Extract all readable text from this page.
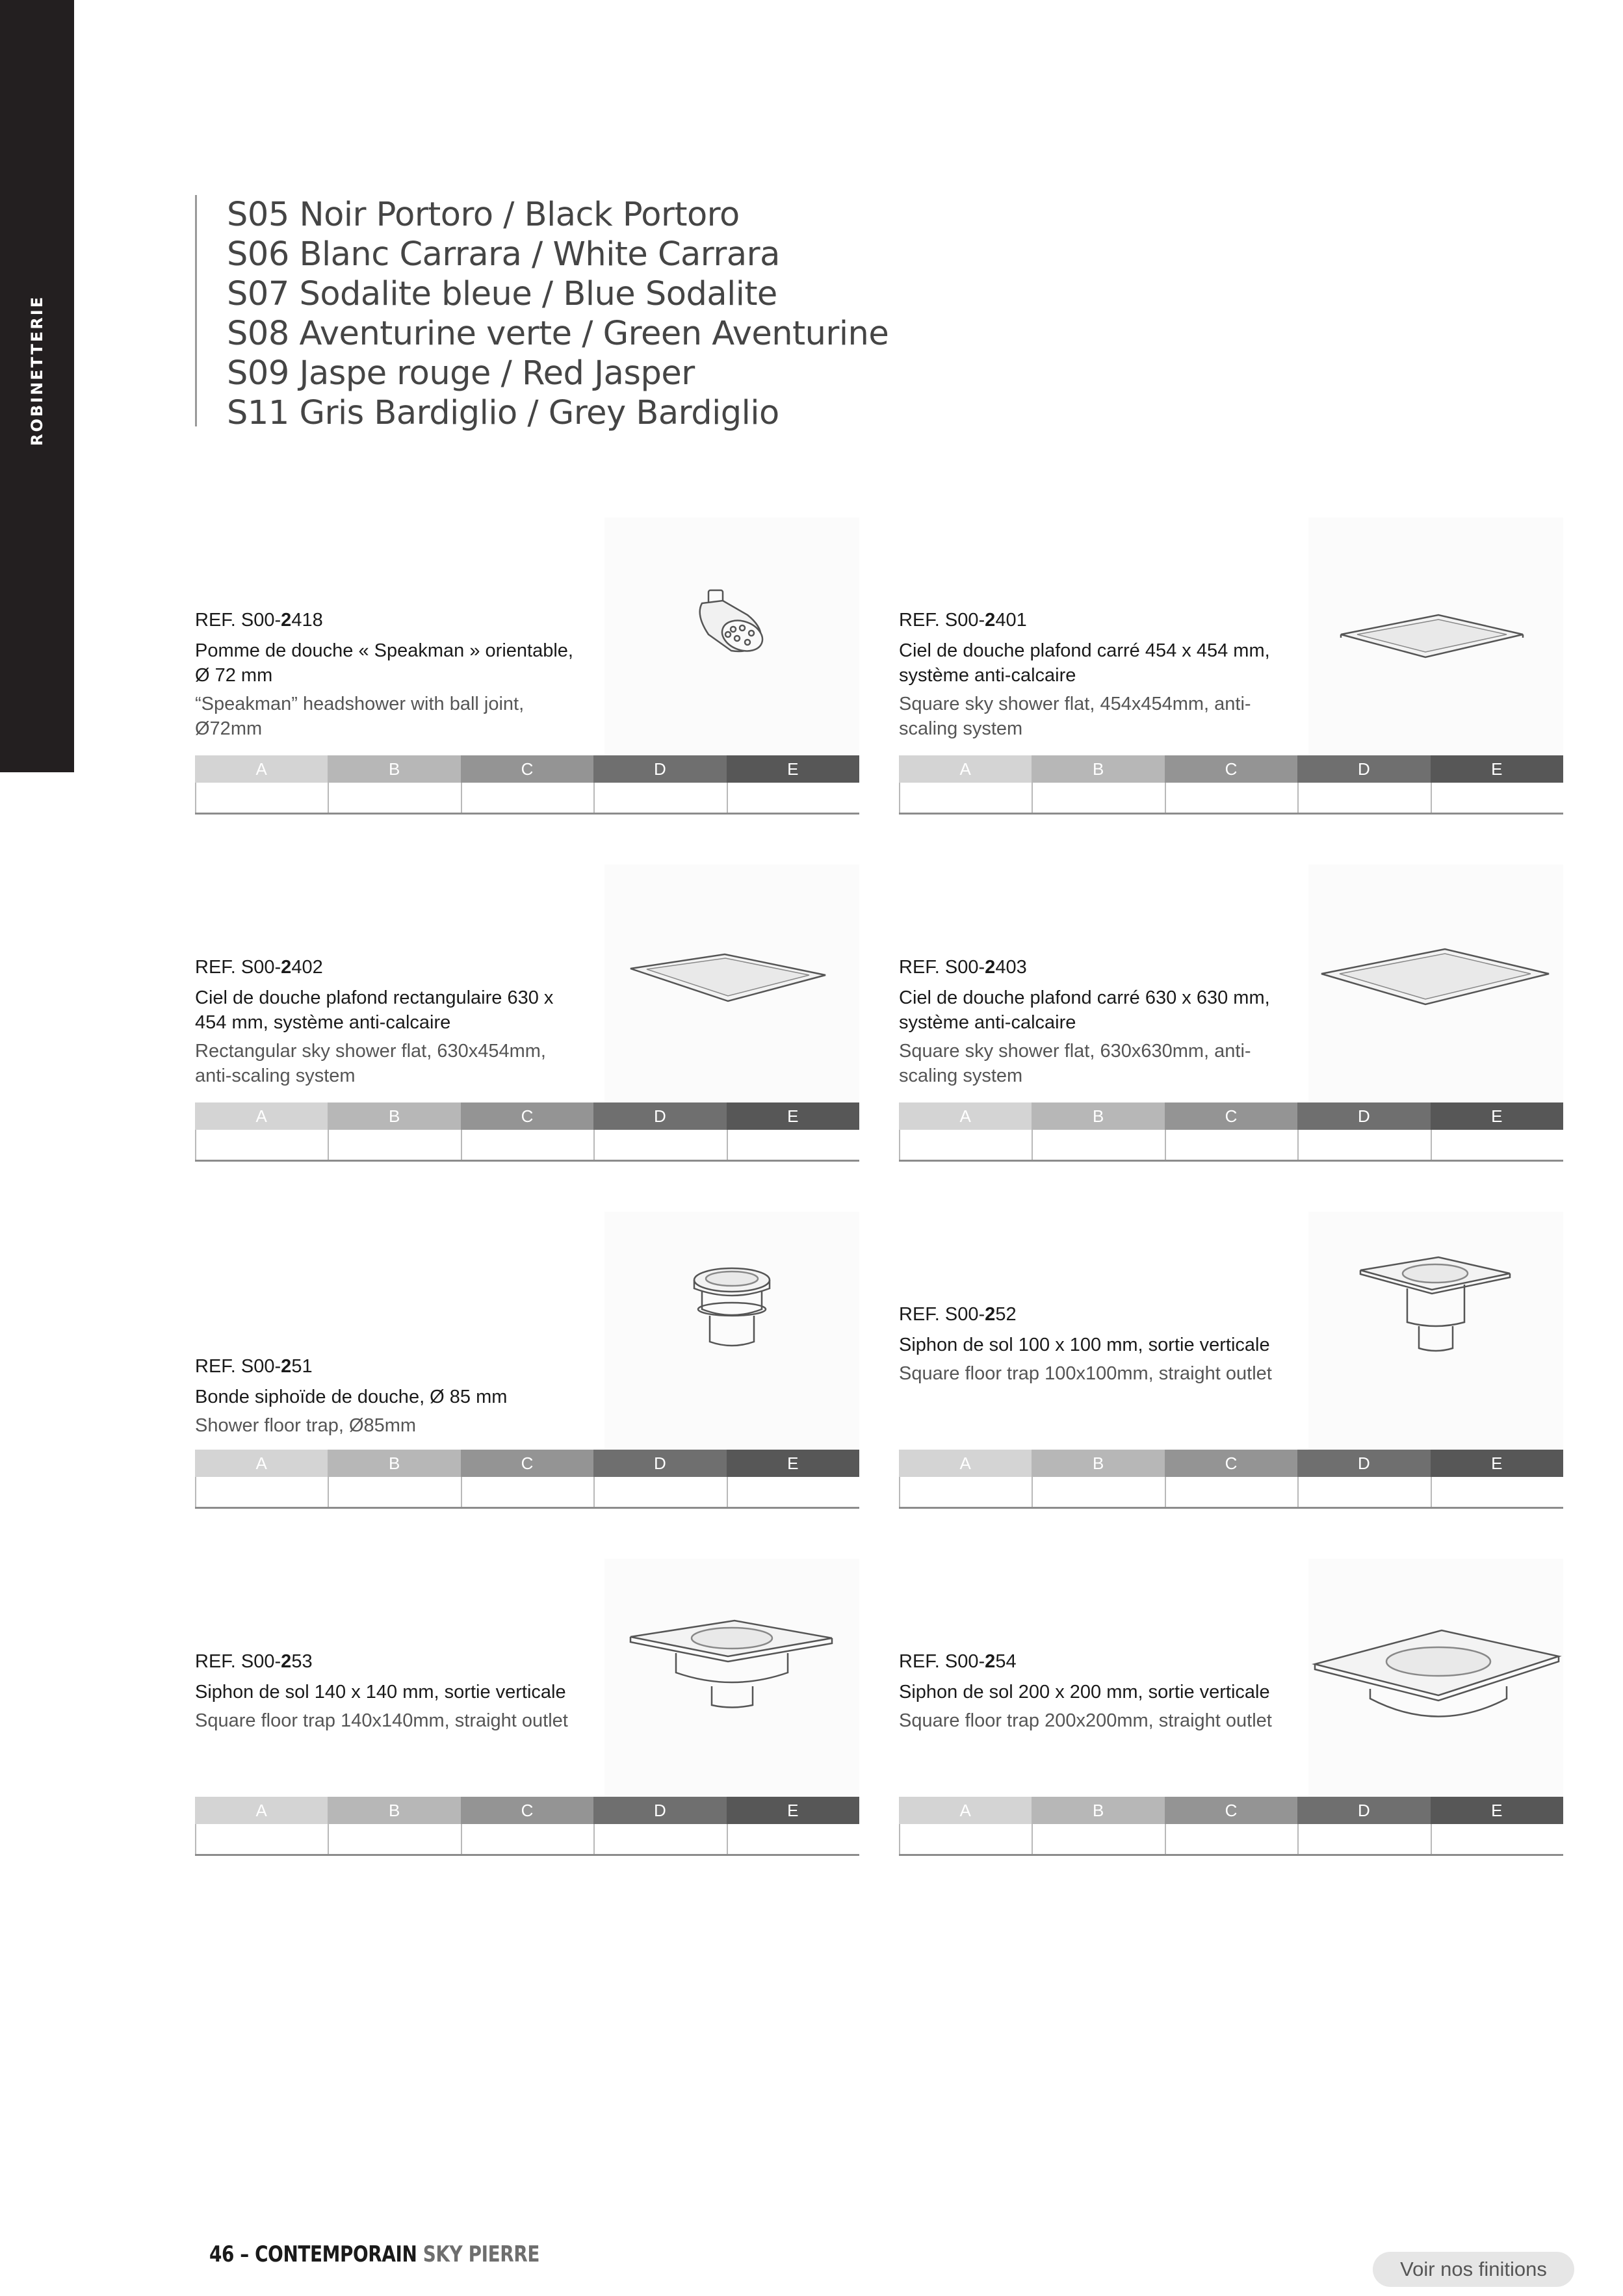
ROBINETTERIE
S05 Noir Portoro / Black Portoro
S06 Blanc Carrara / White Carrara
S07 Sodalite bleue / Blue Sodalite
S08 Aventurine verte / Green Aventurine
S09 Jaspe rouge / Red Jasper
S11 Gris Bardiglio / Grey Bardiglio
REF. S00-2418
Pomme de douche « Speakman » orientable, Ø 72 mm
“Speakman” headshower with ball joint, Ø72mm
A	B	C	D	E
REF. S00-2401
Ciel de douche plafond carré 454 x 454 mm, système anti-calcaire
Square sky shower flat, 454x454mm, anti-scaling system
A	B	C	D	E
REF. S00-2402
Ciel de douche plafond rectangulaire 630 x 454 mm, système anti-calcaire
Rectangular sky shower flat, 630x454mm, anti-scaling system
A	B	C	D	E
REF. S00-2403
Ciel de douche plafond carré 630 x 630 mm, système anti-calcaire
Square sky shower flat, 630x630mm, anti-scaling system
A	B	C	D	E
REF. S00-251
Bonde siphoïde de douche, Ø 85 mm
Shower floor trap, Ø85mm
A	B	C	D	E
REF. S00-252
Siphon de sol 100 x 100 mm, sortie verticale
Square floor trap 100x100mm, straight outlet
A	B	C	D	E
REF. S00-253
Siphon de sol 140 x 140 mm, sortie verticale
Square floor trap 140x140mm, straight outlet
A	B	C	D	E
REF. S00-254
Siphon de sol 200 x 200 mm, sortie verticale
Square floor trap 200x200mm, straight outlet
A	B	C	D	E
46 – CONTEMPORAIN SKY PIERRE
Voir nos finitions
